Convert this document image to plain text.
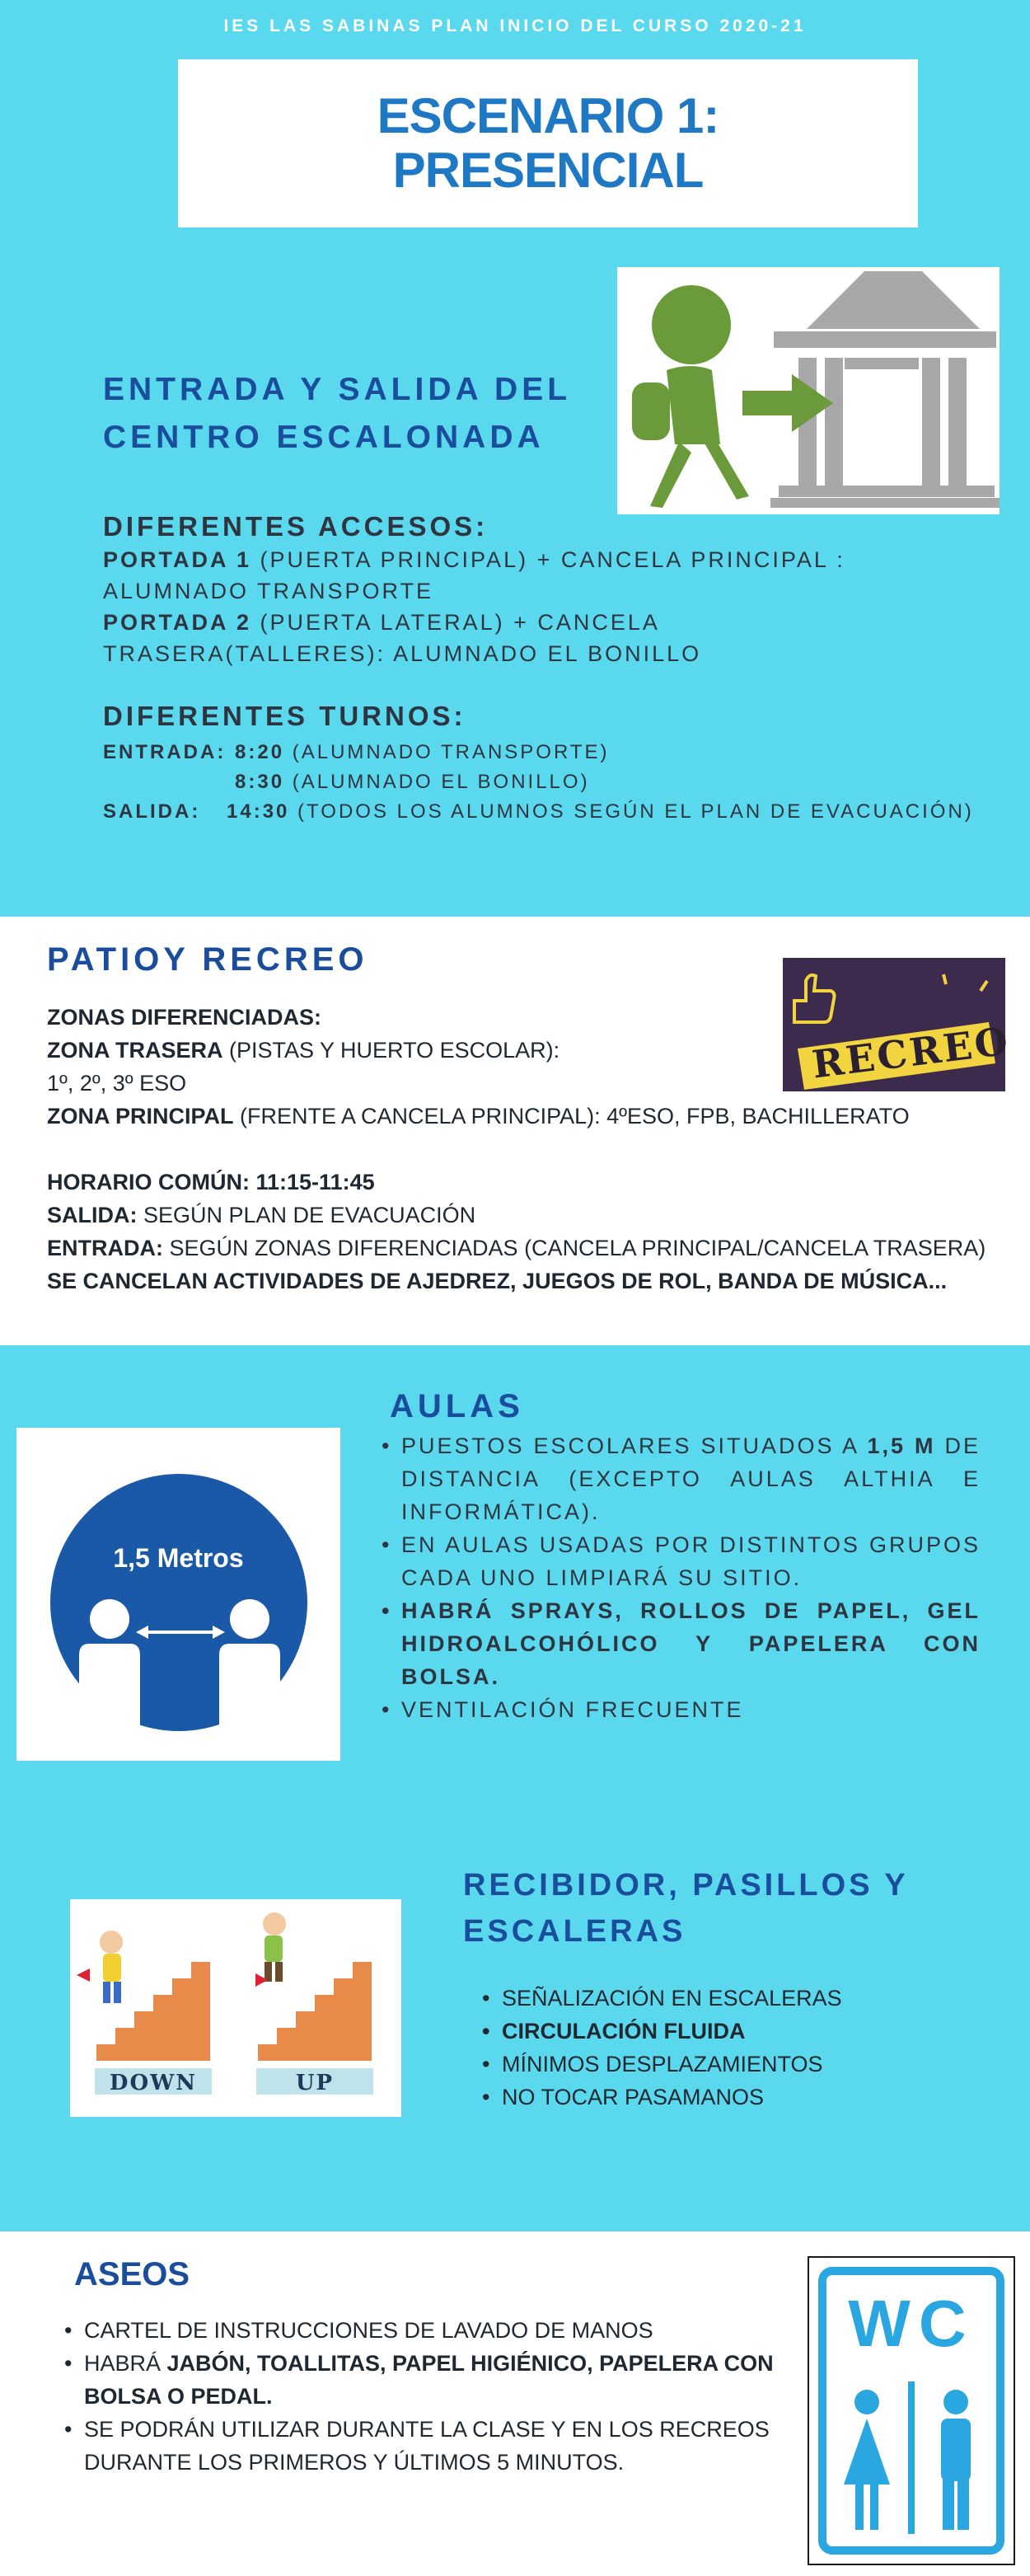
IES LAS SABINAS PLAN INICIO DEL CURSO 2020-21
ESCENARIO 1:
PRESENCIAL
ENTRADA Y SALIDA DEL
CENTRO ESCALONADA
DIFERENTES ACCESOS:
PORTADA 1 (PUERTA PRINCIPAL) + CANCELA PRINCIPAL : ALUMNADO TRANSPORTE
PORTADA 2 (PUERTA LATERAL) + CANCELA TRASERA(TALLERES): ALUMNADO EL BONILLO
DIFERENTES TURNOS:
ENTRADA: 8:20 (ALUMNADO TRANSPORTE)
8:30 (ALUMNADO EL BONILLO)
SALIDA: 14:30 (TODOS LOS ALUMNOS SEGÚN EL PLAN DE EVACUACIÓN)
PATIOY RECREO
RECREO
ZONAS DIFERENCIADAS:
ZONA TRASERA (PISTAS Y HUERTO ESCOLAR):
1º, 2º, 3º ESO
ZONA PRINCIPAL (FRENTE A CANCELA PRINCIPAL): 4ºESO, FPB, BACHILLERATO
HORARIO COMÚN: 11:15-11:45
SALIDA: SEGÚN PLAN DE EVACUACIÓN
ENTRADA: SEGÚN ZONAS DIFERENCIADAS (CANCELA PRINCIPAL/CANCELA TRASERA)
SE CANCELAN ACTIVIDADES DE AJEDREZ, JUEGOS DE ROL, BANDA DE MÚSICA...
AULAS
1,5 Metros
• PUESTOS ESCOLARES SITUADOS A 1,5 M DE DISTANCIA (EXCEPTO AULAS ALTHIA E INFORMÁTICA).
• EN AULAS USADAS POR DISTINTOS GRUPOS CADA UNO LIMPIARÁ SU SITIO.
• HABRÁ SPRAYS, ROLLOS DE PAPEL, GEL HIDROALCOHÓLICO Y PAPELERA CON BOLSA.
• VENTILACIÓN FRECUENTE
DOWN	UP
RECIBIDOR, PASILLOS Y
ESCALERAS
• SEÑALIZACIÓN EN ESCALERAS
• CIRCULACIÓN FLUIDA
• MÍNIMOS DESPLAZAMIENTOS
• NO TOCAR PASAMANOS
ASEOS
• CARTEL DE INSTRUCCIONES DE LAVADO DE MANOS
• HABRÁ JABÓN, TOALLITAS, PAPEL HIGIÉNICO, PAPELERA CON BOLSA O PEDAL.
• SE PODRÁN UTILIZAR DURANTE LA CLASE Y EN LOS RECREOS DURANTE LOS PRIMEROS Y ÚLTIMOS 5 MINUTOS.
WC
